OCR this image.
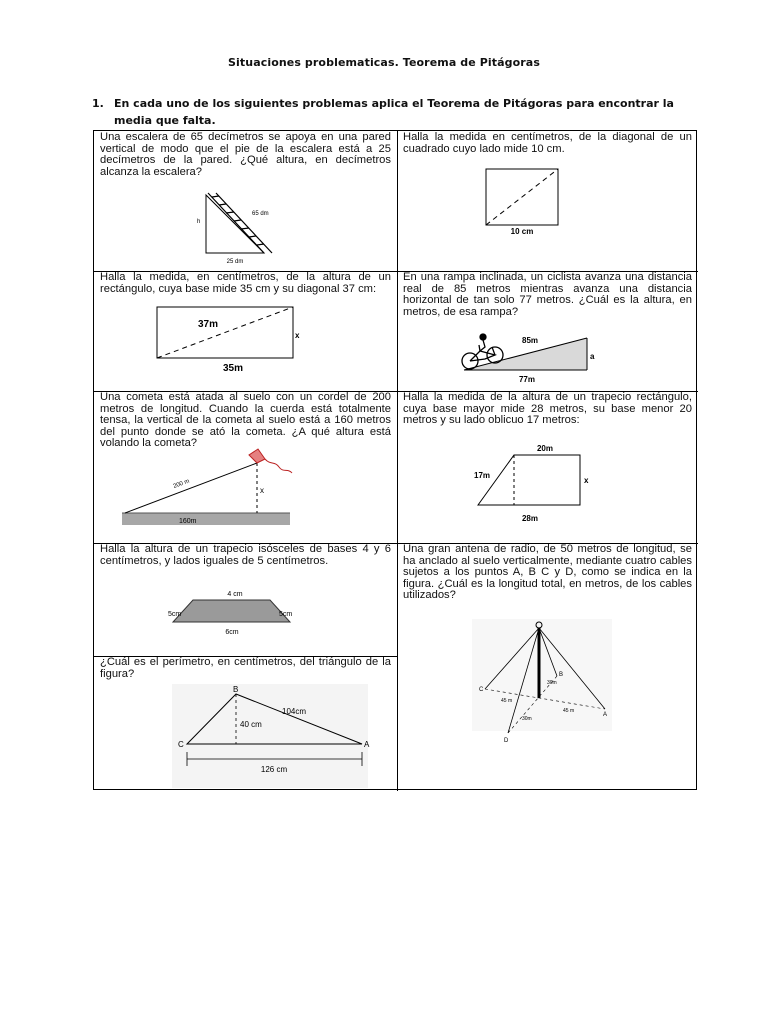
Situaciones problematicas. Teorema de Pitágoras
1. En cada uno de los siguientes problemas aplica el Teorema de Pitágoras para encontrar la media que falta.

Una escalera de 65 decímetros se apoya en una pared vertical de modo que el pie de la escalera está a 25 decímetros de la pared. ¿Qué altura, en decímetros alcanza la escalera?

65 dm
h
25 dm

Halla la medida en centímetros, de la diagonal de un cuadrado cuyo lado mide 10 cm.

10 cm

Halla la medida, en centímetros, de la altura de un rectángulo, cuya base mide 35 cm y su diagonal 37 cm:

37m
x
35m

En una rampa inclinada, un ciclista avanza una distancia real de 85 metros mientras avanza una distancia horizontal de tan solo 77 metros. ¿Cuál es la altura, en metros, de esa rampa?

85m
a
77m

Una cometa está atada al suelo con un cordel de 200 metros de longitud. Cuando la cuerda está totalmente tensa, la vertical de la cometa al suelo está a 160 metros del punto donde se ató la cometa. ¿A qué altura está volando la cometa?

200 m
x
160m

Halla la medida de la altura de un trapecio rectángulo, cuya base mayor mide 28 metros, su base menor 20 metros y su lado oblicuo 17 metros:

20m
17m
x
28m

Halla la altura de un trapecio isósceles de bases 4 y 6 centímetros, y lados iguales de 5 centímetros.

4 cm
5cm	5cm
6cm

Una gran antena de radio, de 50 metros de longitud, se ha anclado al suelo verticalmente, mediante cuatro cables sujetos a los puntos A, B C y D, como se indica en la figura. ¿Cuál es la longitud total, en metros, de los cables utilizados?

C
B
A
D
45 m
45 m
30m
30m

¿Cuál es el perímetro, en centímetros, del triángulo de la figura?

B
C	A
104cm
40 cm
126 cm
